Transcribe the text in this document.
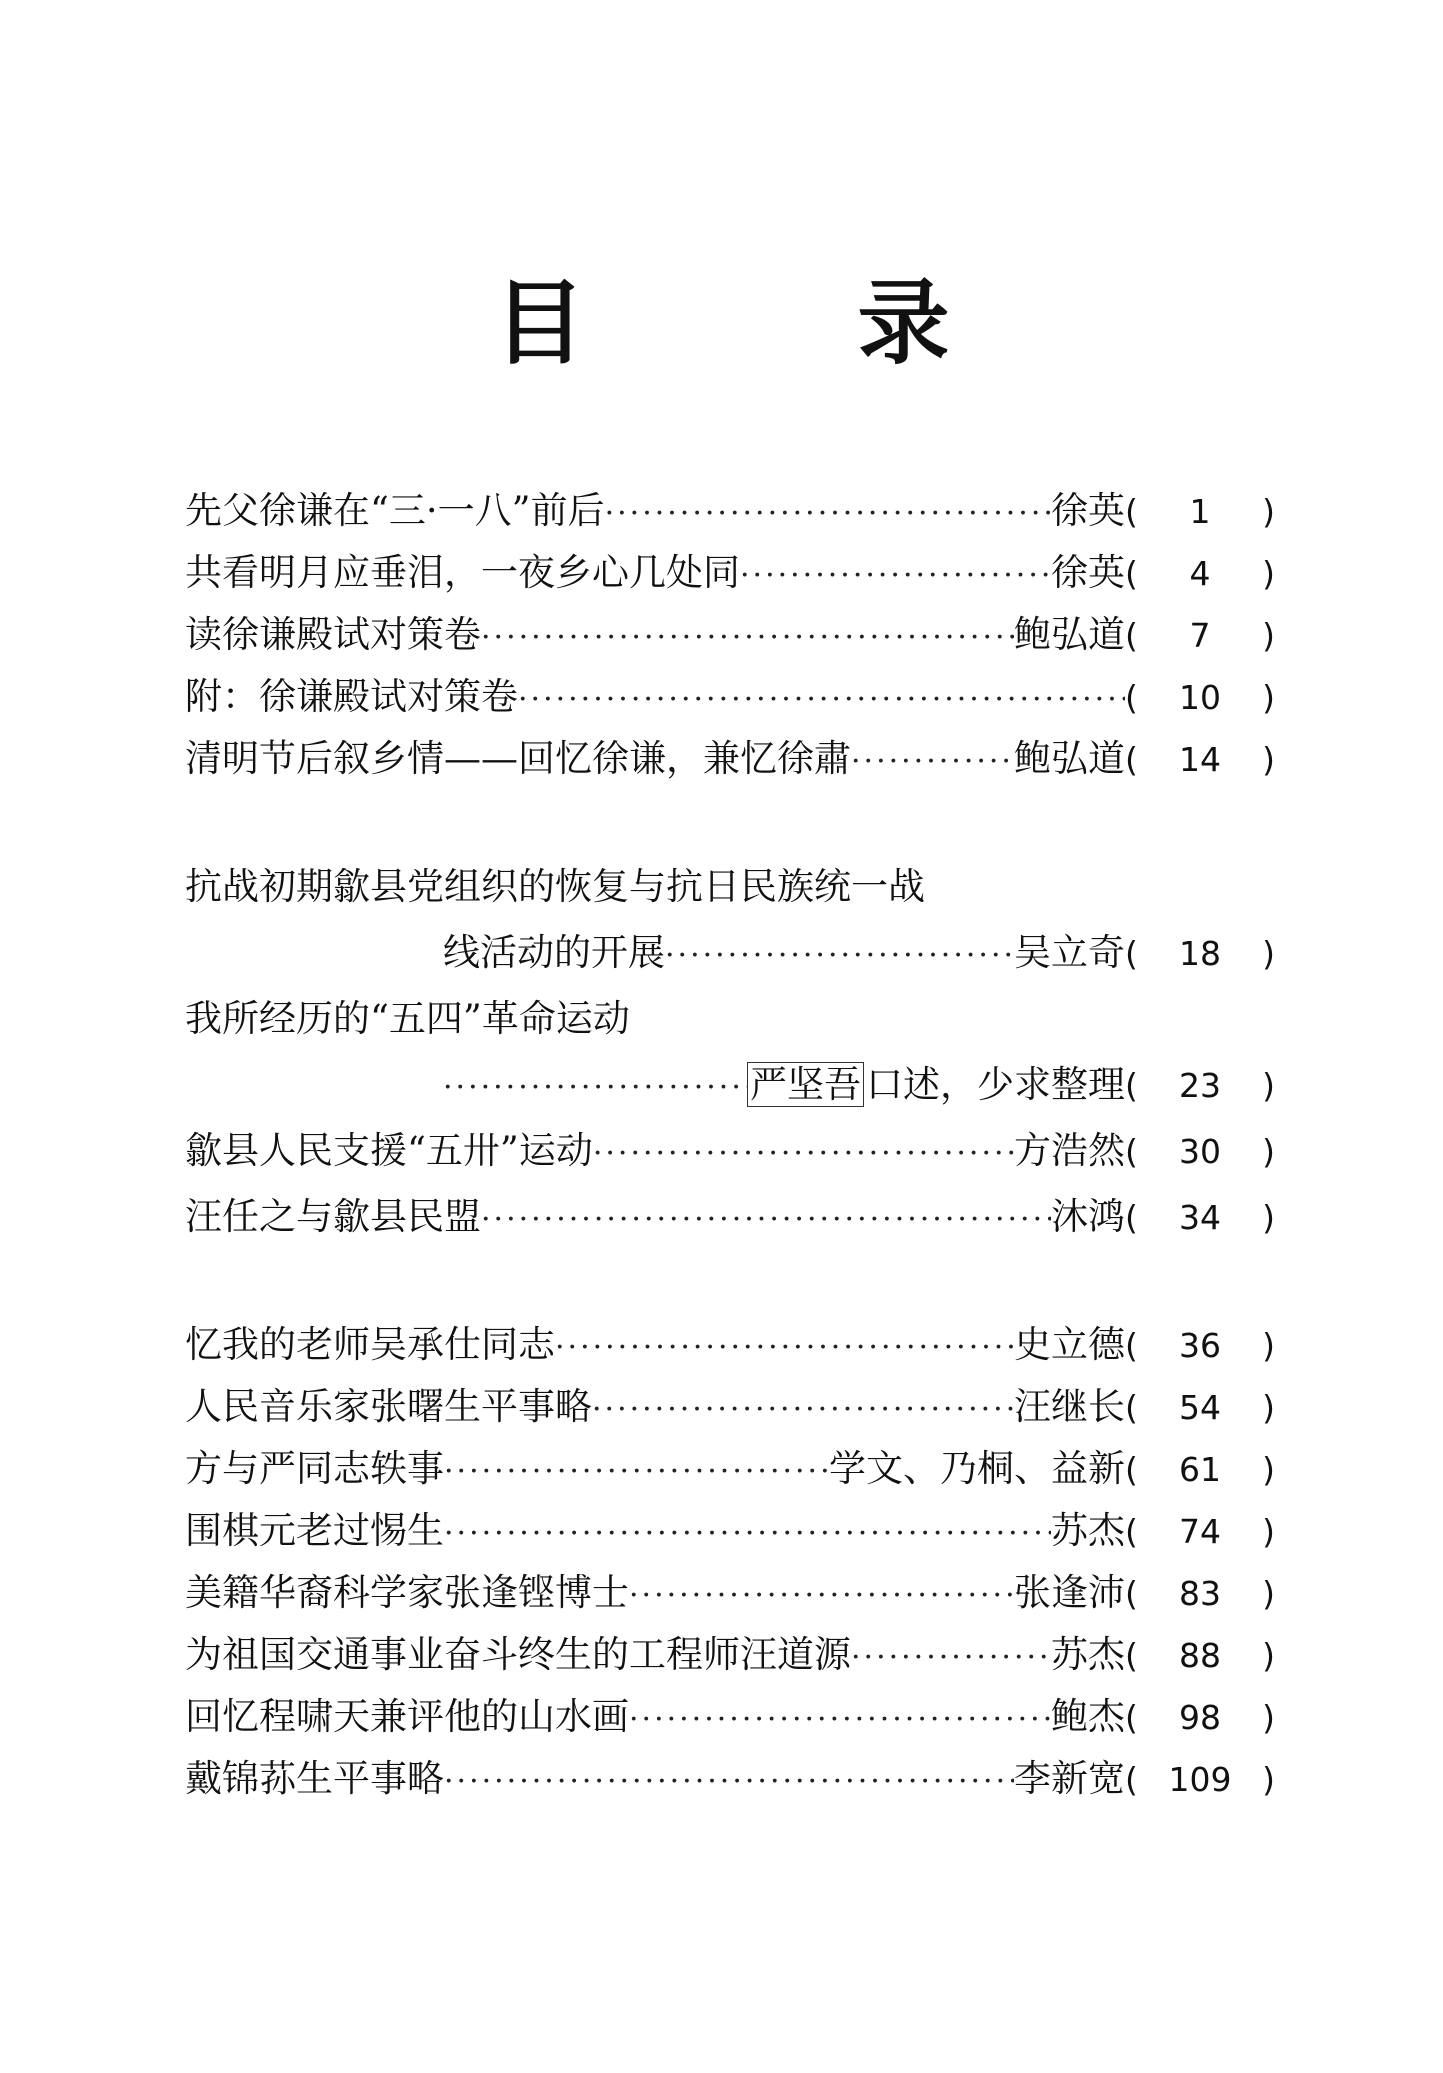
目 录
先父徐谦在“三·一八”前后 ·····	徐英 (	1	)
共看明月应垂泪，一夜乡心几处同 ·····	徐英 (	4	)
读徐谦殿试对策卷 ·····	鲍弘道 (	7	)
附：徐谦殿试对策卷 ·····	(	10	)
清明节后叙乡情——回忆徐谦，兼忆徐肅 ·····	鲍弘道 (	14	)
抗战初期歙县党组织的恢复与抗日民族统一战
线活动的开展 ·····	吴立奇 (	18	)
我所经历的“五四”革命运动
·····
严坚吾 口述，少求整理 (	23	)
歙县人民支援“五卅”运动 ·····	方浩然 (	30	)
汪任之与歙县民盟 ·····	沐鸿 (	34	)
忆我的老师吴承仕同志 ·····	史立德 (	36	)
人民音乐家张曙生平事略 ·····	汪继长 (	54	)
方与严同志轶事 ·····	学文、乃桐、益新 (	61	)
围棋元老过惕生 ·····	苏杰 (	74	)
美籍华裔科学家张逢铿博士 ·····	张逢沛 (	83	)
为祖国交通事业奋斗终生的工程师汪道源 ·····	苏杰 (	88	)
回忆程啸天兼评他的山水画 ·····	鲍杰 (	98	)
戴锦荪生平事略 ·····	李新宽 ( 109 )
